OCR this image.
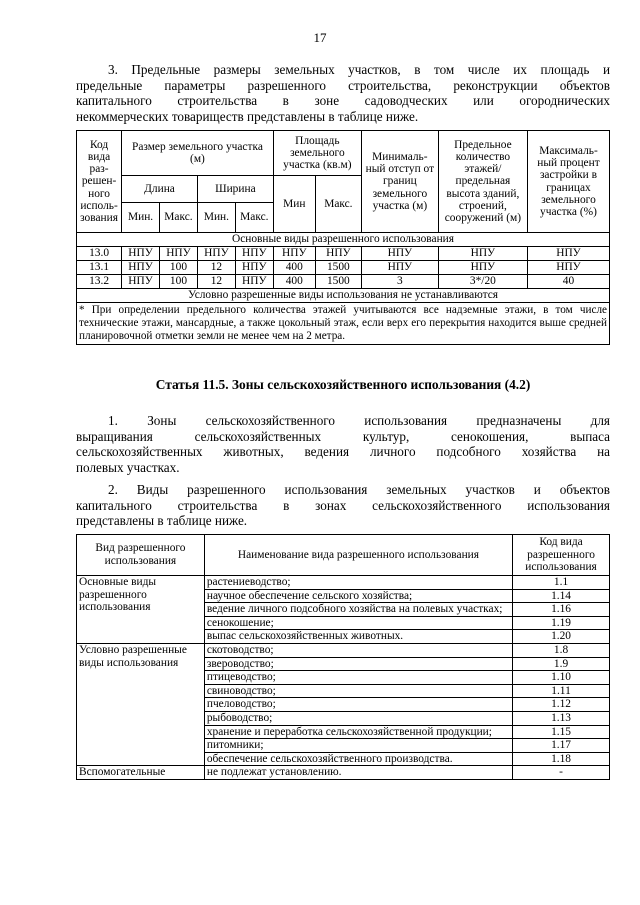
17
3. Предельные размеры земельных участков, в том числе их площадь и
предельные параметры разрешенного строительства, реконструкции объектов
капитального строительства в зоне садоводческих или огороднических
некоммерческих товариществ представлены в таблице ниже.
Код вида раз-решен-ного исполь-зования	Размер земельного участка (м)				Площадь земельного участка (кв.м)		Минималь-ный отступ от границ земельного участка (м)	Предельное количество этажей/ предельная высота зданий, строений, сооружений (м)	Максималь-ный процент застройки в границах земельного участка (%)
	Длина		Ширина		Мин	Макс.			
	Мин.	Макс.	Мин.	Макс.					
Основные виды разрешенного использования									
13.0	НПУ	НПУ	НПУ	НПУ	НПУ	НПУ	НПУ	НПУ	НПУ
13.1	НПУ	100	12	НПУ	400	1500	НПУ	НПУ	НПУ
13.2	НПУ	100	12	НПУ	400	1500	3	3*/20	40
Условно разрешенные виды использования не устанавливаются									
* При определении предельного количества этажей учитываются все надземные этажи, в том числе технические этажи, мансардные, а также цокольный этаж, если верх его перекрытия находится выше средней планировочной отметки земли не менее чем на 2 метра.									
Статья 11.5. Зоны сельскохозяйственного использования (4.2)
1. Зоны сельскохозяйственного использования предназначены для
выращивания сельскохозяйственных культур, сенокошения, выпаса
сельскохозяйственных животных, ведения личного подсобного хозяйства на
полевых участках.
2. Виды разрешенного использования земельных участков и объектов
капитального строительства в зонах сельскохозяйственного использования
представлены в таблице ниже.
Вид разрешенного использования	Наименование вида разрешенного использования	Код вида разрешенного использования
Основные виды разрешенного использования	растениеводство;	1.1
	научное обеспечение сельского хозяйства;	1.14
	ведение личного подсобного хозяйства на полевых участках;	1.16
	сенокошение;	1.19
	выпас сельскохозяйственных животных.	1.20
Условно разрешенные виды использования	скотоводство;	1.8
	звероводство;	1.9
	птицеводство;	1.10
	свиноводство;	1.11
	пчеловодство;	1.12
	рыбоводство;	1.13
	хранение и переработка сельскохозяйственной продукции;	1.15
	питомники;	1.17
	обеспечение сельскохозяйственного производства.	1.18
Вспомогательные	не подлежат установлению.	-
